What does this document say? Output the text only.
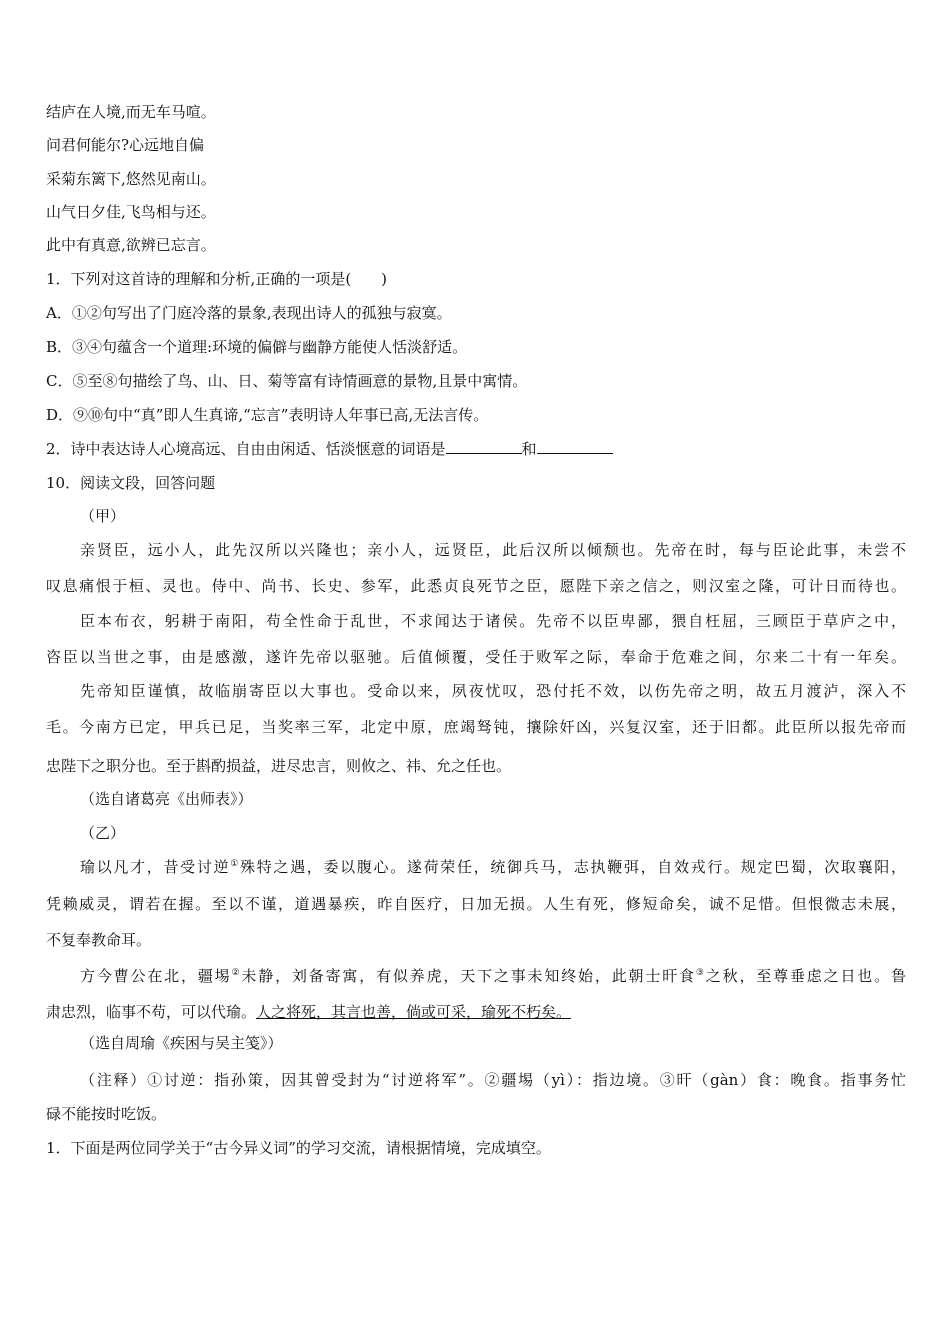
结庐在人境,而无车马喧。
问君何能尔?心远地自偏
采菊东篱下,悠然见南山。
山气日夕佳,飞鸟相与还。
此中有真意,欲辨已忘言。
1．下列对这首诗的理解和分析,正确的一项是(　　)
A．①②句写出了门庭冷落的景象,表现出诗人的孤独与寂寞。
B．③④句蕴含一个道理:环境的偏僻与幽静方能使人恬淡舒适。
C．⑤至⑧句描绘了鸟、山、日、菊等富有诗情画意的景物,且景中寓情。
D．⑨⑩句中“真”即人生真谛,“忘言”表明诗人年事已高,无法言传。
2．诗中表达诗人心境高远、自由由闲适、恬淡惬意的词语是	和
10．阅读文段，回答问题
（甲）
亲贤臣，远小人，此先汉所以兴隆也；亲小人，远贤臣，此后汉所以倾颓也。先帝在时，每与臣论此事，未尝不
叹息痛恨于桓、灵也。侍中、尚书、长史、参军，此悉贞良死节之臣，愿陛下亲之信之，则汉室之隆，可计日而待也。
臣本布衣，躬耕于南阳，苟全性命于乱世，不求闻达于诸侯。先帝不以臣卑鄙，猥自枉屈，三顾臣于草庐之中，
咨臣以当世之事，由是感激，遂许先帝以驱驰。后值倾覆，受任于败军之际，奉命于危难之间，尔来二十有一年矣。
先帝知臣谨慎，故临崩寄臣以大事也。受命以来，夙夜忧叹，恐付托不效，以伤先帝之明，故五月渡泸，深入不
毛。今南方已定，甲兵已足，当奖率三军，北定中原，庶竭驽钝，攘除奸凶，兴复汉室，还于旧都。此臣所以报先帝而
忠陛下之职分也。至于斟酌损益，进尽忠言，则攸之、祎、允之任也。
（选自诸葛亮《出师表》）
（乙）
瑜以凡才，昔受讨逆①殊特之遇，委以腹心。遂荷荣任，统御兵马，志执鞭弭，自效戎行。规定巴蜀，次取襄阳，
凭赖威灵，谓若在握。至以不谨，道遇暴疾，昨自医疗，日加无损。人生有死，修短命矣，诚不足惜。但恨微志未展，
不复奉教命耳。
方今曹公在北，疆埸②未静，刘备寄寓，有似养虎，天下之事未知终始，此朝士旰食③之秋，至尊垂虑之日也。鲁
肃忠烈，临事不苟，可以代瑜。人之将死，其言也善，倘或可采，瑜死不朽矣。
（选自周瑜《疾困与吴主笺》）
（注释）①讨逆：指孙策，因其曾受封为“讨逆将军”。②疆埸（yì）：指边境。③旰（gàn）食：晚食。指事务忙
碌不能按时吃饭。
1．下面是两位同学关于“古今异义词”的学习交流，请根据情境，完成填空。
